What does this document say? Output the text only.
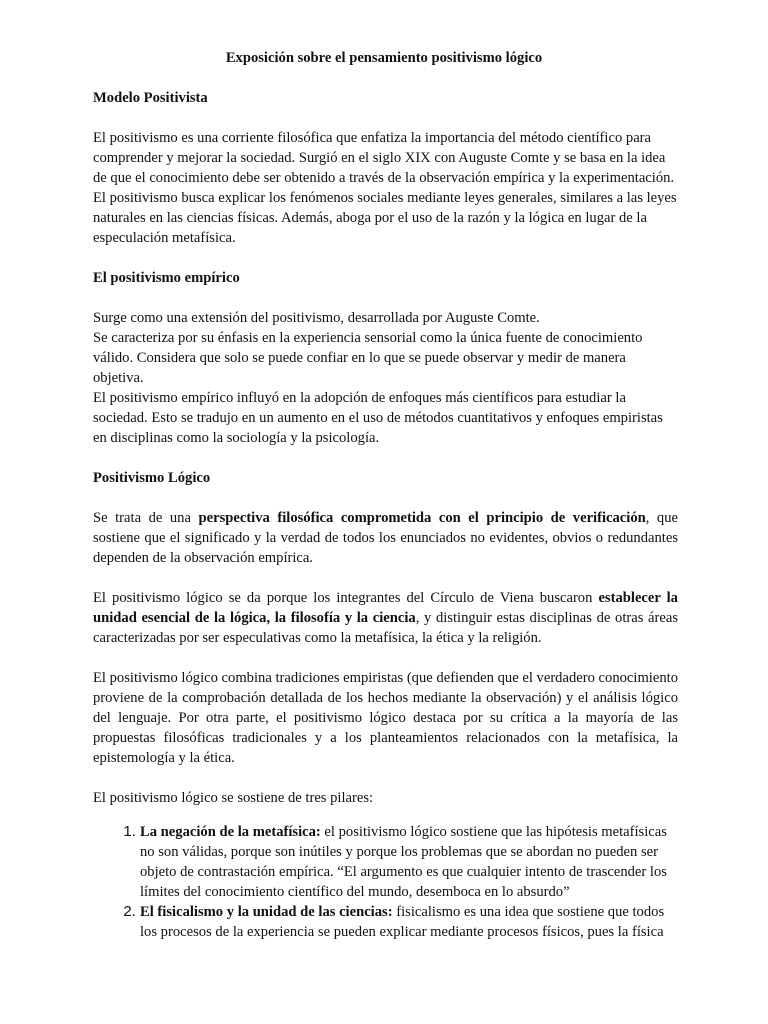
Exposición sobre el pensamiento positivismo lógico
Modelo Positivista

El positivismo es una corriente filosófica que enfatiza la importancia del método científico para comprender y mejorar la sociedad. Surgió en el siglo XIX con Auguste Comte y se basa en la idea de que el conocimiento debe ser obtenido a través de la observación empírica y la experimentación. El positivismo busca explicar los fenómenos sociales mediante leyes generales, similares a las leyes naturales en las ciencias físicas. Además, aboga por el uso de la razón y la lógica en lugar de la especulación metafísica.

El positivismo empírico

Surge como una extensión del positivismo, desarrollada por Auguste Comte.

Se caracteriza por su énfasis en la experiencia sensorial como la única fuente de conocimiento válido. Considera que solo se puede confiar en lo que se puede observar y medir de manera objetiva.

El positivismo empírico influyó en la adopción de enfoques más científicos para estudiar la sociedad. Esto se tradujo en un aumento en el uso de métodos cuantitativos y enfoques empiristas en disciplinas como la sociología y la psicología.

Positivismo Lógico

Se trata de una perspectiva filosófica comprometida con el principio de verificación, que sostiene que el significado y la verdad de todos los enunciados no evidentes, obvios o redundantes dependen de la observación empírica.

El positivismo lógico se da porque los integrantes del Círculo de Viena buscaron establecer la unidad esencial de la lógica, la filosofía y la ciencia, y distinguir estas disciplinas de otras áreas caracterizadas por ser especulativas como la metafísica, la ética y la religión.

El positivismo lógico combina tradiciones empiristas (que defienden que el verdadero conocimiento proviene de la comprobación detallada de los hechos mediante la observación) y el análisis lógico del lenguaje. Por otra parte, el positivismo lógico destaca por su crítica a la mayoría de las propuestas filosóficas tradicionales y a los planteamientos relacionados con la metafísica, la epistemología y la ética.

El positivismo lógico se sostiene de tres pilares:

1. La negación de la metafísica: el positivismo lógico sostiene que las hipótesis metafísicas no son válidas, porque son inútiles y porque los problemas que se abordan no pueden ser objeto de contrastación empírica. “El argumento es que cualquier intento de trascender los límites del conocimiento científico del mundo, desemboca en lo absurdo”
2. El fisicalismo y la unidad de las ciencias: fisicalismo es una idea que sostiene que todos los procesos de la experiencia se pueden explicar mediante procesos físicos, pues la física
